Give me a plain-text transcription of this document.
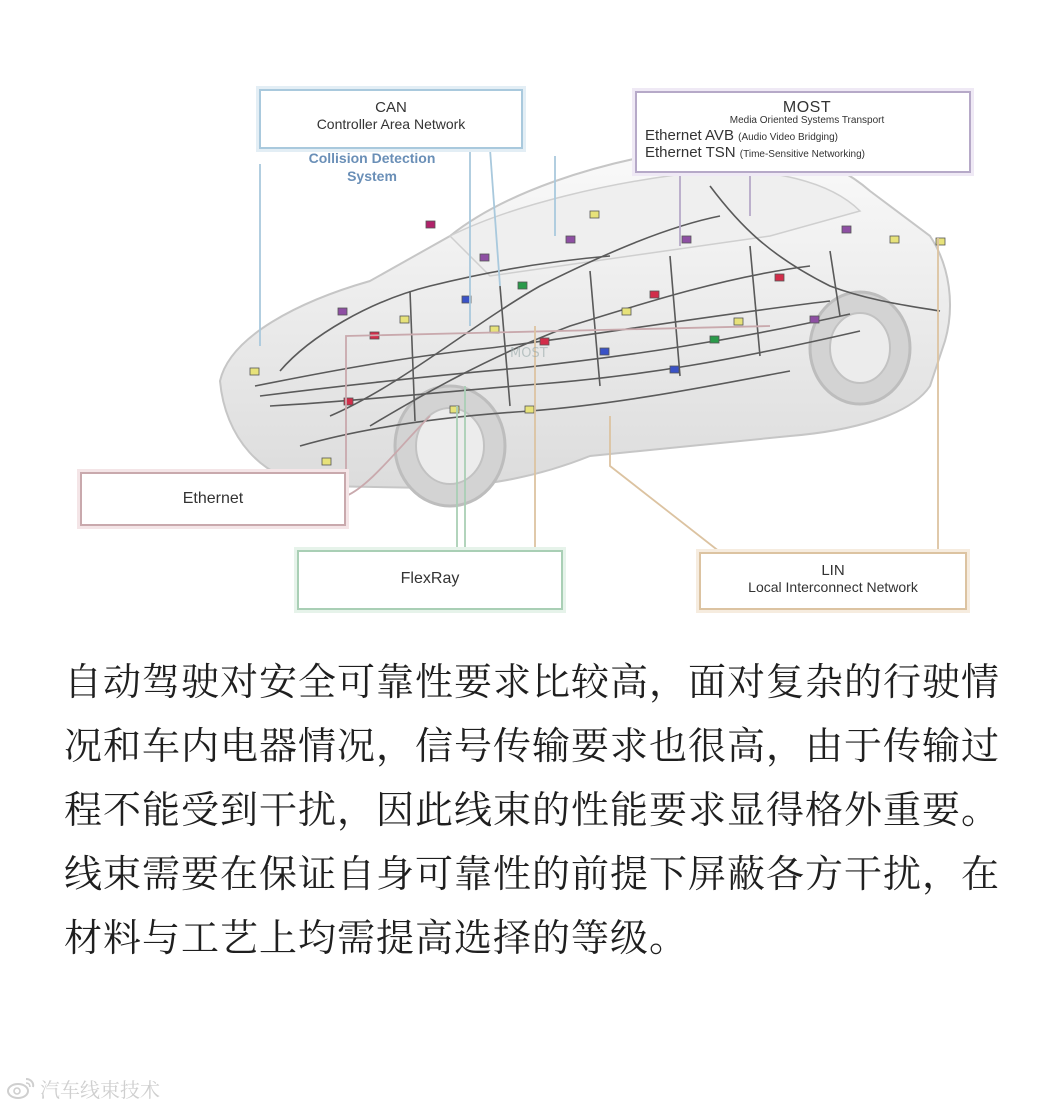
CAN
Controller Area Network
Collision Detection
System
MOST
Media Oriented Systems Transport
Ethernet AVB (Audio Video Bridging)
Ethernet TSN (Time-Sensitive Networking)
MOST
Ethernet
FlexRay	LIN
Local Interconnect Network

自动驾驶对安全可靠性要求比较高，面对复杂的行驶情况和车内电器情况，信号传输要求也很高，由于传输过程不能受到干扰，因此线束的性能要求显得格外重要。线束需要在保证自身可靠性的前提下屏蔽各方干扰，在材料与工艺上均需提高选择的等级。

汽车线束技术
